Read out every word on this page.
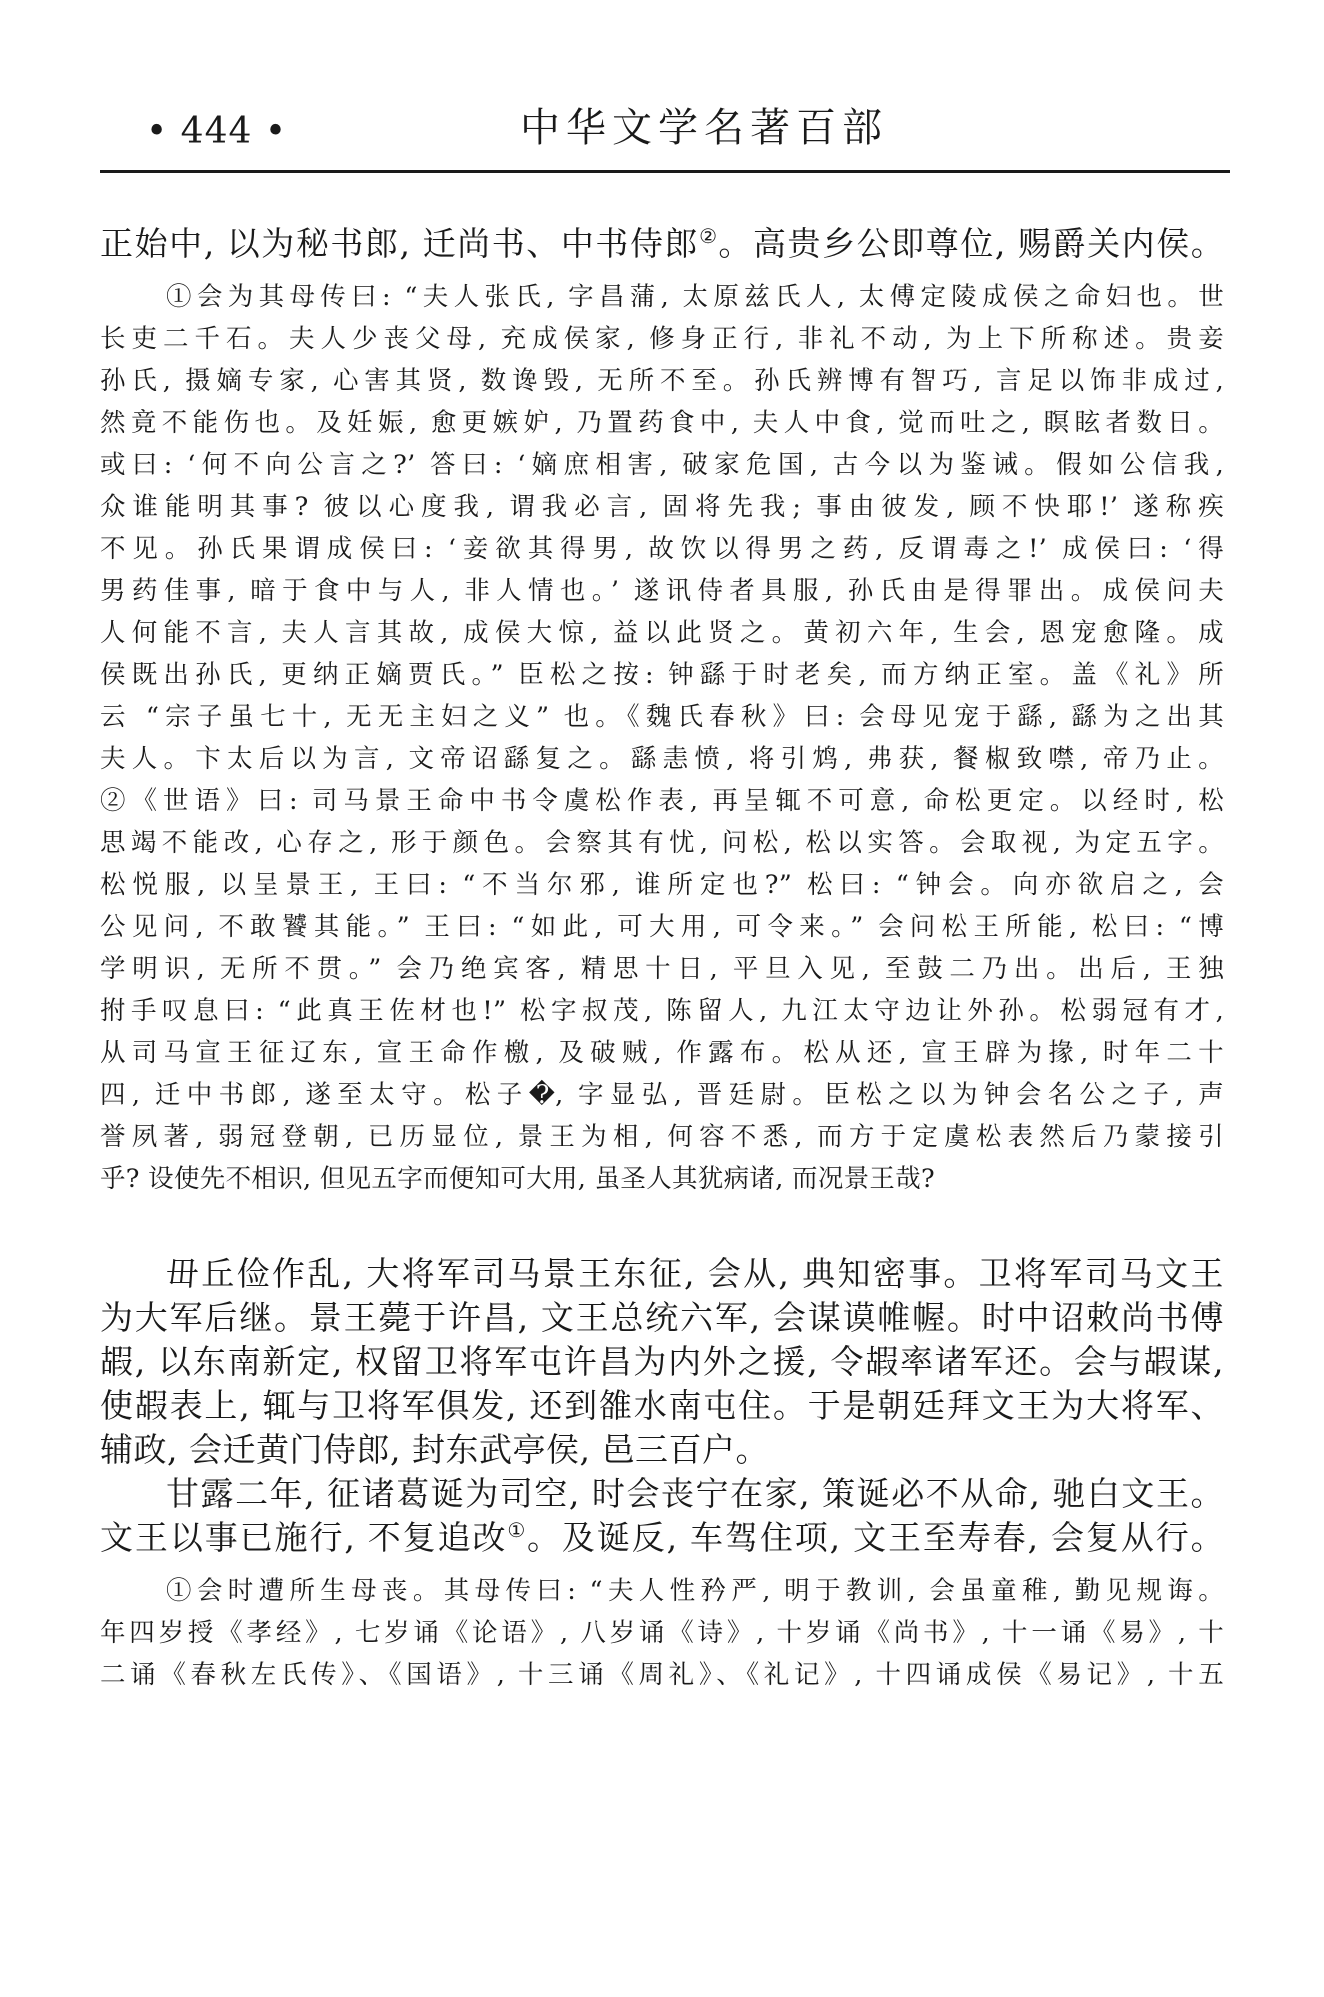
• 444 •	中华文学名著百部
正始中, 以为秘书郎, 迁尚书、中书侍郎②。高贵乡公即尊位, 赐爵关内侯。
①会为其母传曰: “夫人张氏, 字昌蒲, 太原兹氏人, 太傅定陵成侯之命妇也。世
长吏二千石。夫人少丧父母, 充成侯家, 修身正行, 非礼不动, 为上下所称述。贵妾
孙氏, 摄嫡专家, 心害其贤, 数谗毁, 无所不至。孙氏辨博有智巧, 言足以饰非成过,
然竟不能伤也。及妊娠, 愈更嫉妒, 乃置药食中, 夫人中食, 觉而吐之, 瞑眩者数日。
或曰: ‘何不向公言之?’ 答曰: ‘嫡庶相害, 破家危国, 古今以为鉴诫。假如公信我,
众谁能明其事? 彼以心度我, 谓我必言, 固将先我; 事由彼发, 顾不快耶!’ 遂称疾
不见。孙氏果谓成侯曰: ‘妾欲其得男, 故饮以得男之药, 反谓毒之!’ 成侯曰: ‘得
男药佳事, 暗于食中与人, 非人情也。’ 遂讯侍者具服, 孙氏由是得罪出。成侯问夫
人何能不言, 夫人言其故, 成侯大惊, 益以此贤之。黄初六年, 生会, 恩宠愈隆。成
侯既出孙氏, 更纳正嫡贾氏。” 臣松之按: 钟繇于时老矣, 而方纳正室。盖《礼》所
云 “宗子虽七十, 无无主妇之义” 也。《魏氏春秋》曰: 会母见宠于繇, 繇为之出其
夫人。卞太后以为言, 文帝诏繇复之。繇恚愤, 将引鸩, 弗获, 餐椒致噤, 帝乃止。
②《世语》曰: 司马景王命中书令虞松作表, 再呈辄不可意, 命松更定。以经时, 松
思竭不能改, 心存之, 形于颜色。会察其有忧, 问松, 松以实答。会取视, 为定五字。
松悦服, 以呈景王, 王曰: “不当尔邪, 谁所定也?” 松曰: “钟会。向亦欲启之, 会
公见问, 不敢饕其能。” 王曰: “如此, 可大用, 可令来。” 会问松王所能, 松曰: “博
学明识, 无所不贯。” 会乃绝宾客, 精思十日, 平旦入见, 至鼓二乃出。出后, 王独
拊手叹息曰: “此真王佐材也!” 松字叔茂, 陈留人, 九江太守边让外孙。松弱冠有才,
从司马宣王征辽东, 宣王命作檄, 及破贼, 作露布。松从还, 宣王辟为掾, 时年二十
四, 迁中书郎, 遂至太守。松子�, 字显弘, 晋廷尉。臣松之以为钟会名公之子, 声
誉夙著, 弱冠登朝, 已历显位, 景王为相, 何容不悉, 而方于定虞松表然后乃蒙接引
乎? 设使先不相识, 但见五字而便知可大用, 虽圣人其犹病诸, 而况景王哉?
毌丘俭作乱, 大将军司马景王东征, 会从, 典知密事。卫将军司马文王
为大军后继。景王薨于许昌, 文王总统六军, 会谋谟帷幄。时中诏敕尚书傅
嘏, 以东南新定, 权留卫将军屯许昌为内外之援, 令嘏率诸军还。会与嘏谋,
使嘏表上, 辄与卫将军俱发, 还到雒水南屯住。于是朝廷拜文王为大将军、
辅政, 会迁黄门侍郎, 封东武亭侯, 邑三百户。
甘露二年, 征诸葛诞为司空, 时会丧宁在家, 策诞必不从命, 驰白文王。
文王以事已施行, 不复追改①。及诞反, 车驾住项, 文王至寿春, 会复从行。
①会时遭所生母丧。其母传曰: “夫人性矜严, 明于教训, 会虽童稚, 勤见规诲。
年四岁授《孝经》, 七岁诵《论语》, 八岁诵《诗》, 十岁诵《尚书》, 十一诵《易》, 十
二诵《春秋左氏传》、《国语》, 十三诵《周礼》、《礼记》, 十四诵成侯《易记》, 十五
